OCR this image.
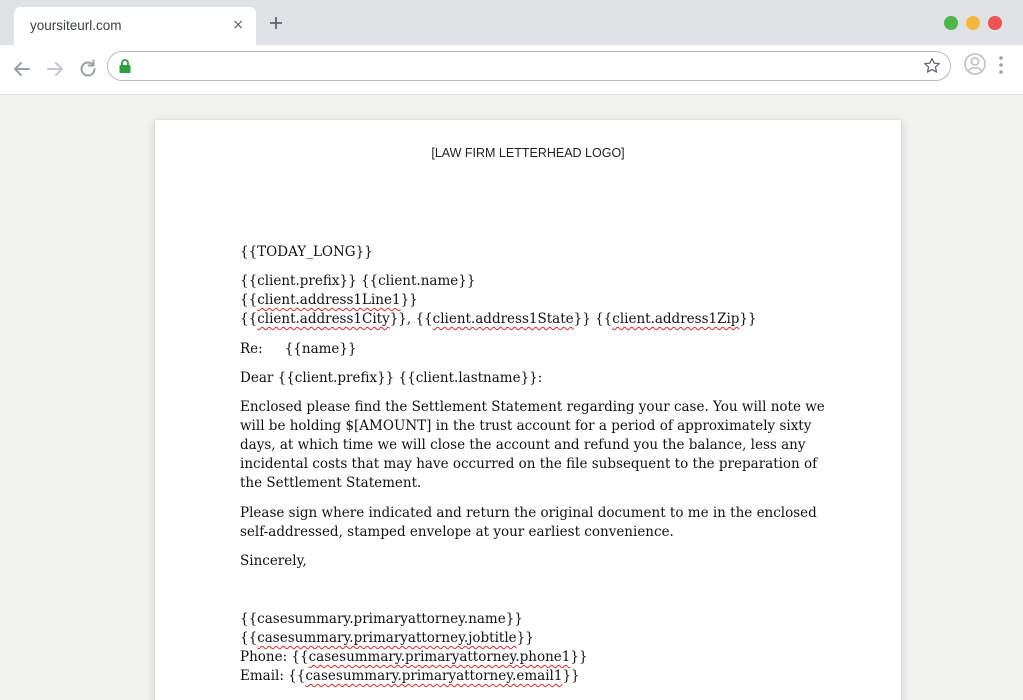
yoursiteurl.com	×
[LAW FIRM LETTERHEAD LOGO]
{{TODAY_LONG}}
{{client.prefix}} {{client.name}}
{{client.address1Line1}}
{{client.address1City}}, {{client.address1State}} {{client.address1Zip}}
Re: {{name}}
Dear {{client.prefix}} {{client.lastname}}:
Enclosed please find the Settlement Statement regarding your case. You will note we will be holding $[AMOUNT] in the trust account for a period of approximately sixty days, at which time we will close the account and refund you the balance, less any incidental costs that may have occurred on the file subsequent to the preparation of the Settlement Statement.
Please sign where indicated and return the original document to me in the enclosed self-addressed, stamped envelope at your earliest convenience.
Sincerely,
{{casesummary.primaryattorney.name}}
{{casesummary.primaryattorney.jobtitle}}
Phone: {{casesummary.primaryattorney.phone1}}
Email: {{casesummary.primaryattorney.email1}}
